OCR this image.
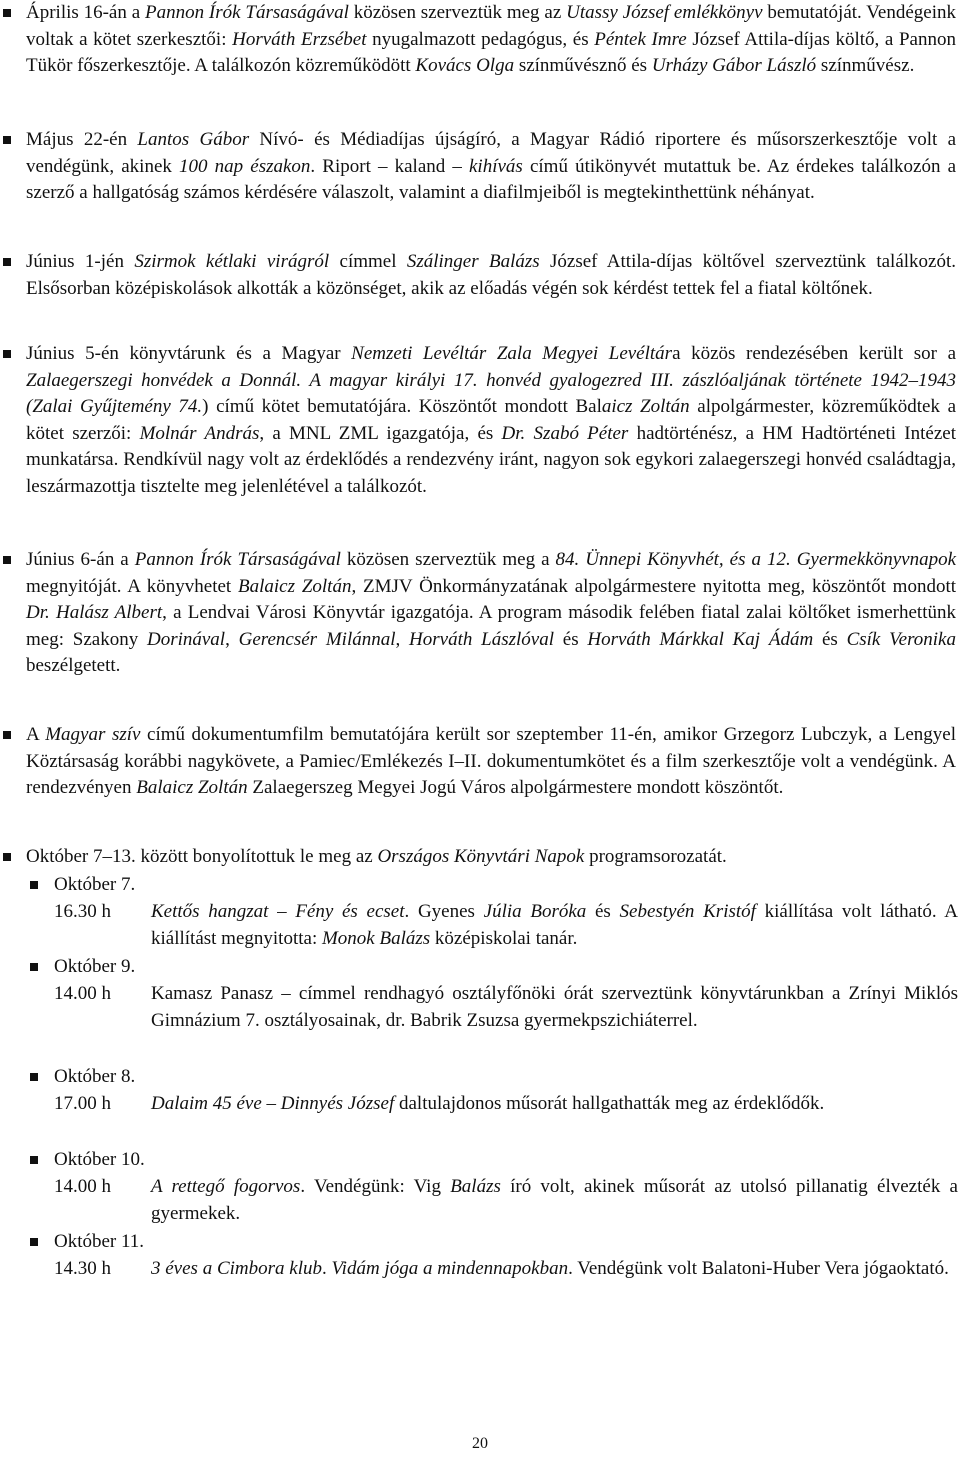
Április 16-án a Pannon Írók Társaságával közösen szerveztük meg az Utassy József emlékkönyv bemutatóját. Vendégeink voltak a kötet szerkesztői: Horváth Erzsébet nyugalmazott pedagógus, és Péntek Imre József Attila-díjas költő, a Pannon Tükör főszerkesztője. A találkozón közreműködött Kovács Olga színművésznő és Urházy Gábor László színművész.
Május 22-én Lantos Gábor Nívó- és Médiadíjas újságíró, a Magyar Rádió riportere és műsorszerkesztője volt a vendégünk, akinek 100 nap északon. Riport – kaland – kihívás című útikönyvét mutattuk be. Az érdekes találkozón a szerző a hallgatóság számos kérdésére válaszolt, valamint a diafilmjeiből is megtekinthettünk néhányat.
Június 1-jén Szirmok kétlaki virágról címmel Szálinger Balázs József Attila-díjas költővel szerveztünk találkozót. Elsősorban középiskolások alkották a közönséget, akik az előadás végén sok kérdést tettek fel a fiatal költőnek.
Június 5-én könyvtárunk és a Magyar Nemzeti Levéltár Zala Megyei Levéltára közös rendezésében került sor a Zalaegerszegi honvédek a Donnál. A magyar királyi 17. honvéd gyalogezred III. zászlóaljának története 1942–1943 (Zalai Gyűjtemény 74.) című kötet bemutatójára. Köszöntőt mondott Balaicz Zoltán alpolgármester, közreműködtek a kötet szerzői: Molnár András, a MNL ZML igazgatója, és Dr. Szabó Péter hadtörténész, a HM Hadtörténeti Intézet munkatársa. Rendkívül nagy volt az érdeklődés a rendezvény iránt, nagyon sok egykori zalaegerszegi honvéd családtagja, leszármazottja tisztelte meg jelenlétével a találkozót.
Június 6-án a Pannon Írók Társaságával közösen szerveztük meg a 84. Ünnepi Könyvhét, és a 12. Gyermekkönyvnapok megnyitóját. A könyvhetet Balaicz Zoltán, ZMJV Önkormányzatának alpolgármestere nyitotta meg, köszöntőt mondott Dr. Halász Albert, a Lendvai Városi Könyvtár igazgatója. A program második felében fiatal zalai költőket ismerhettünk meg: Szakony Dorinával, Gerencsér Milánnal, Horváth Lászlóval és Horváth Márkkal Kaj Ádám és Csík Veronika beszélgetett.
A Magyar szív című dokumentumfilm bemutatójára került sor szeptember 11-én, amikor Grzegorz Lubczyk, a Lengyel Köztársaság korábbi nagykövete, a Pamiec/Emlékezés I–II. dokumentumkötet és a film szerkesztője volt a vendégünk. A rendezvényen Balaicz Zoltán Zalaegerszeg Megyei Jogú Város alpolgármestere mondott köszöntőt.
Október 7–13. között bonyolítottuk le meg az Országos Könyvtári Napok programsorozatát.
Október 7.
16.30 h Kettős hangzat – Fény és ecset. Gyenes Júlia Boróka és Sebestyén Kristóf kiállítása volt látható. A kiállítást megnyitotta: Monok Balázs középiskolai tanár.
Október 9.
14.00 h Kamasz Panasz – címmel rendhagyó osztályfőnöki órát szerveztünk könyvtárunkban a Zrínyi Miklós Gimnázium 7. osztályosainak, dr. Babrik Zsuzsa gyermekpszichiáterrel.
Október 8.
17.00 h Dalaim 45 éve – Dinnyés József daltulajdonos műsorát hallgathatták meg az érdeklődők.
Október 10.
14.00 h A rettegő fogorvos. Vendégünk: Vig Balázs író volt, akinek műsorát az utolsó pillanatig élvezték a gyermekek.
Október 11.
14.30 h 3 éves a Cimbora klub. Vidám jóga a mindennapokban. Vendégünk volt Balatoni-Huber Vera jógaoktató.
20
